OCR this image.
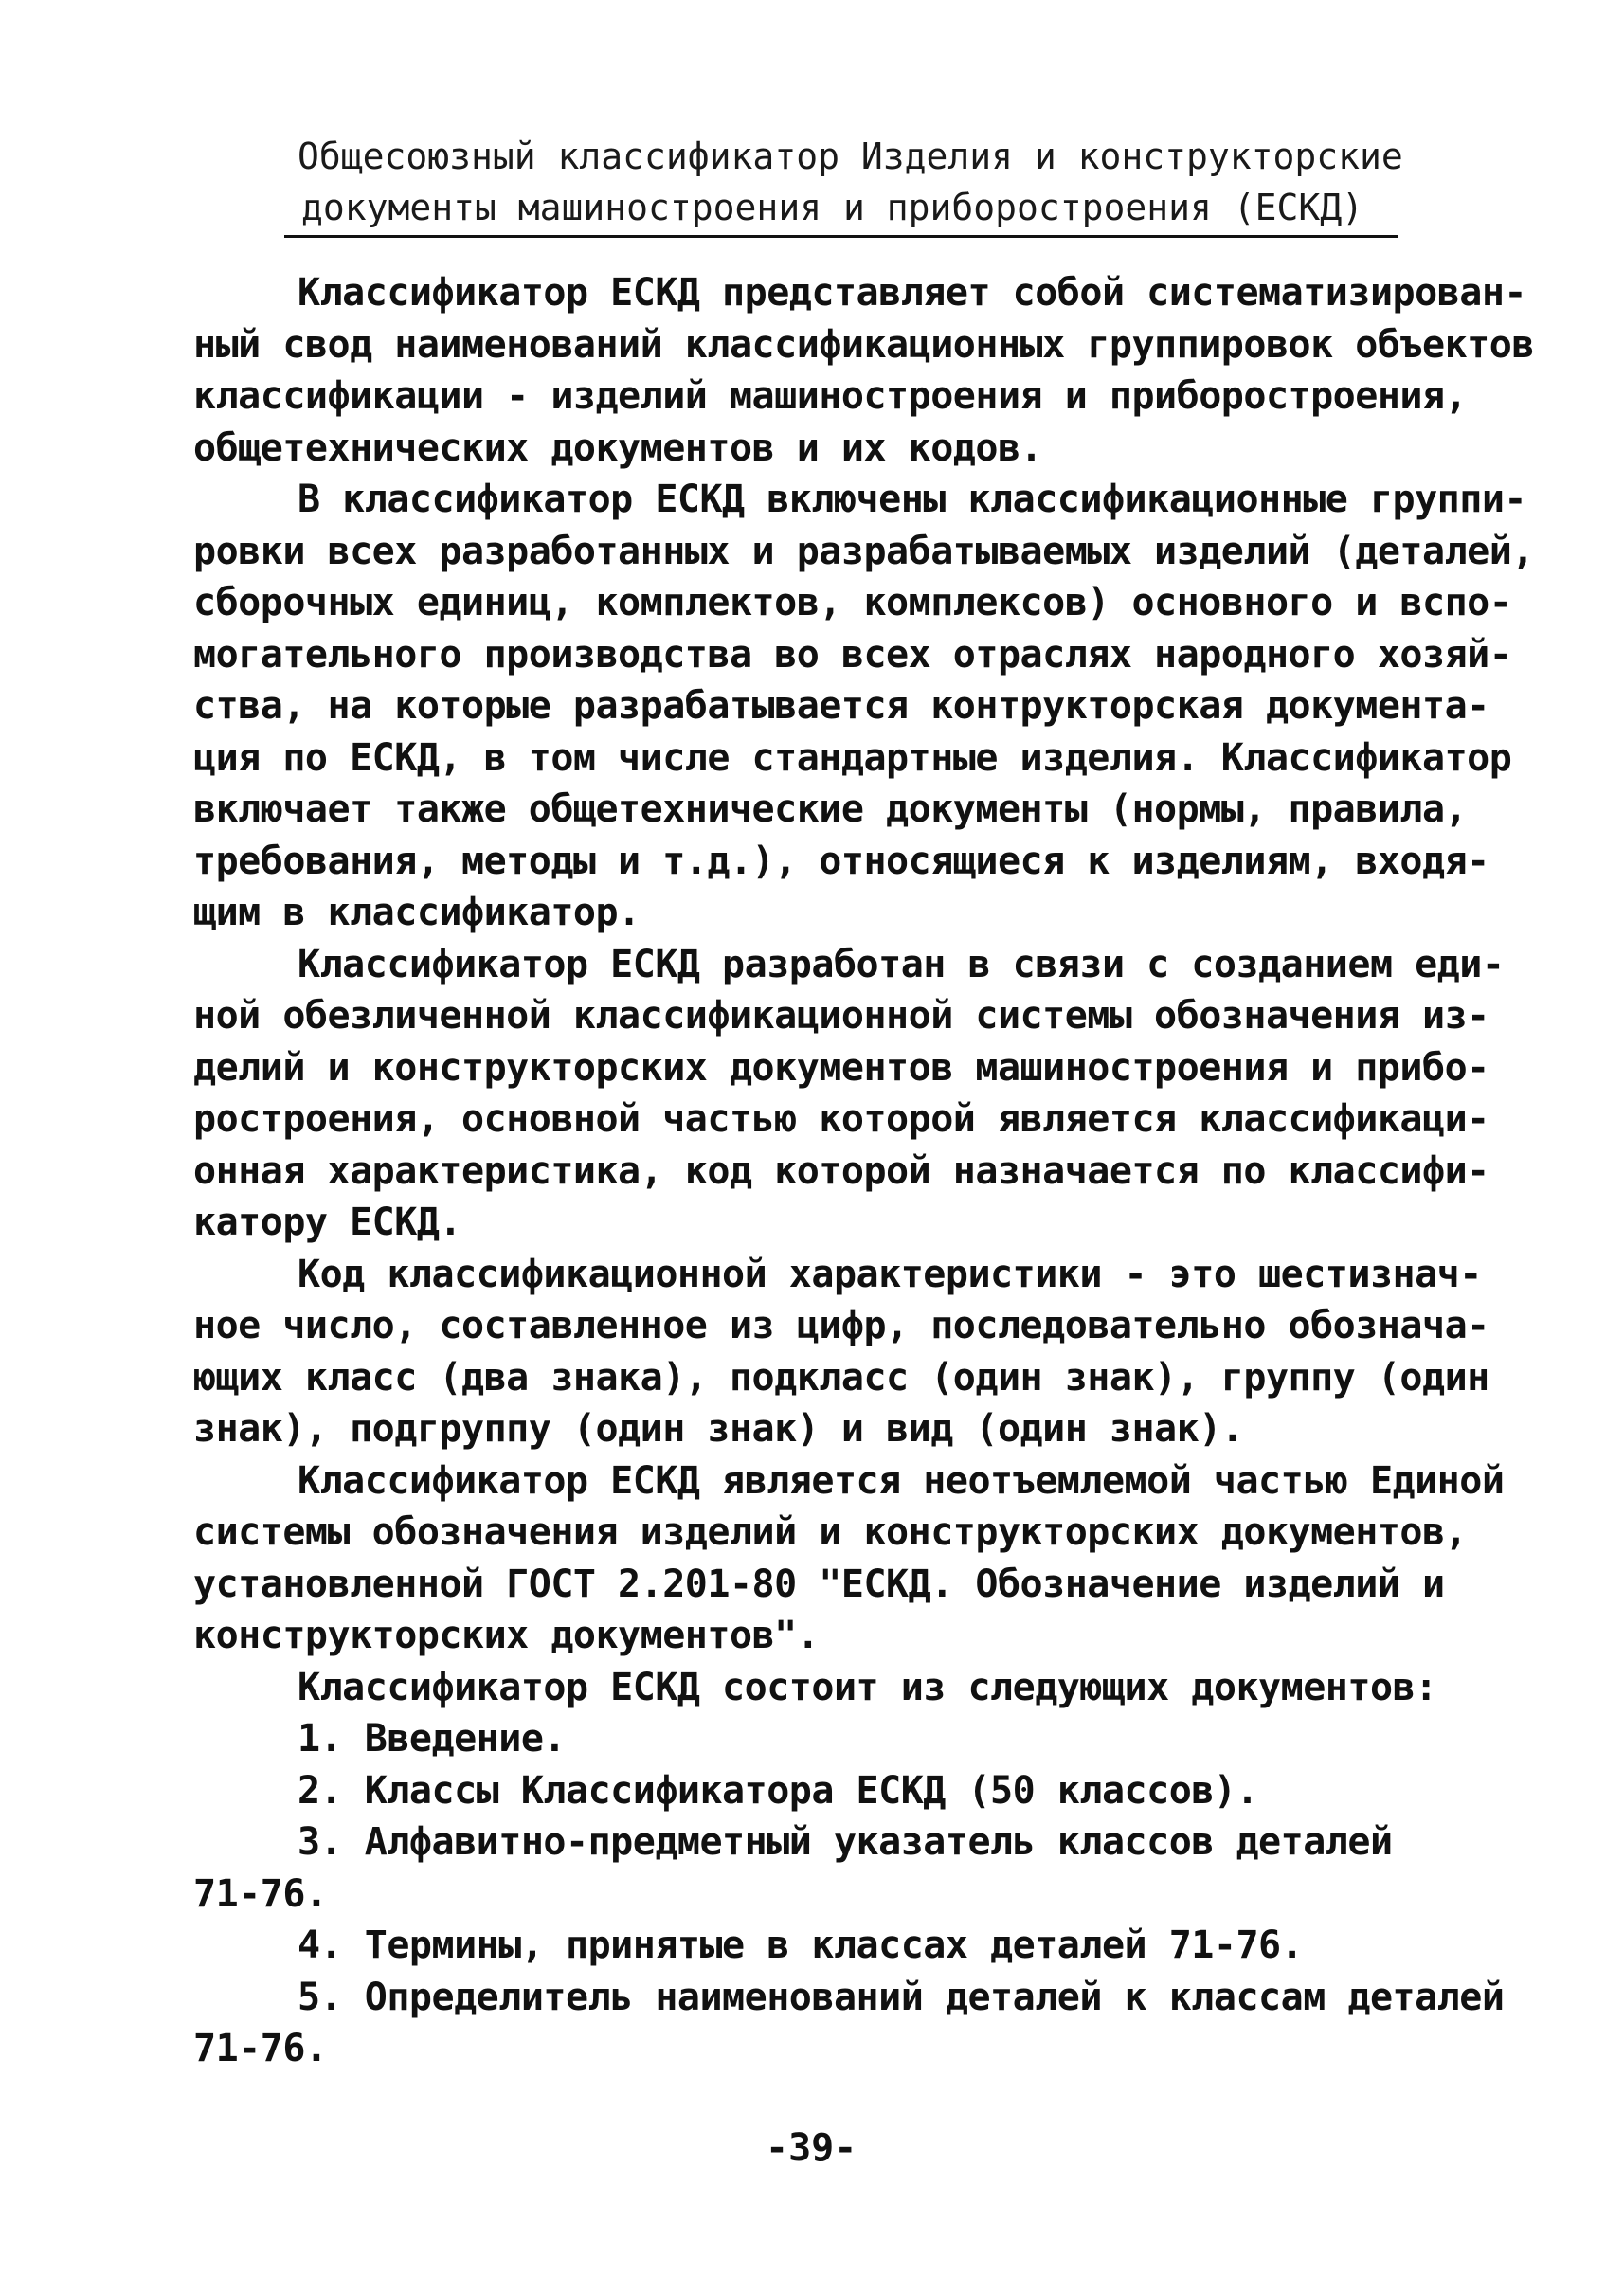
Общесоюзный классификатор Изделия и конструкторские
документы машиностроения и приборостроения (ЕСКД)
Классификатор ЕСКД представляет собой систематизирован-
ный свод наименований классификационных группировок объектов
классификации - изделий машиностроения и приборостроения,
общетехнических документов и их кодов.
В классификатор ЕСКД включены классификационные группи-
ровки всех разработанных и разрабатываемых изделий (деталей,
сборочных единиц, комплектов, комплексов) основного и вспо-
могательного производства во всех отраслях народного хозяй-
ства, на которые разрабатывается контрукторская документа-
ция по ЕСКД, в том числе стандартные изделия. Классификатор
включает также общетехнические документы (нормы, правила,
требования, методы и т.д.), относящиеся к изделиям, входя-
щим в классификатор.
Классификатор ЕСКД разработан в связи с созданием еди-
ной обезличенной классификационной системы обозначения из-
делий и конструкторских документов машиностроения и прибо-
ростроения, основной частью которой является классификаци-
онная характеристика, код которой назначается по классифи-
катору ЕСКД.
Код классификационной характеристики - это шестизнач-
ное число, составленное из цифр, последовательно обознача-
ющих класс (два знака), подкласс (один знак), группу (один
знак), подгруппу (один знак) и вид (один знак).
Классификатор ЕСКД является неотъемлемой частью Единой
системы обозначения изделий и конструкторских документов,
установленной ГОСТ 2.201-80 "ЕСКД. Обозначение изделий и
конструкторских документов".
Классификатор ЕСКД состоит из следующих документов:
1. Введение.
2. Классы Классификатора ЕСКД (50 классов).
3. Алфавитно-предметный указатель классов деталей
71-76.
4. Термины, принятые в классах деталей 71-76.
5. Определитель наименований деталей к классам деталей
71-76.
-39-
